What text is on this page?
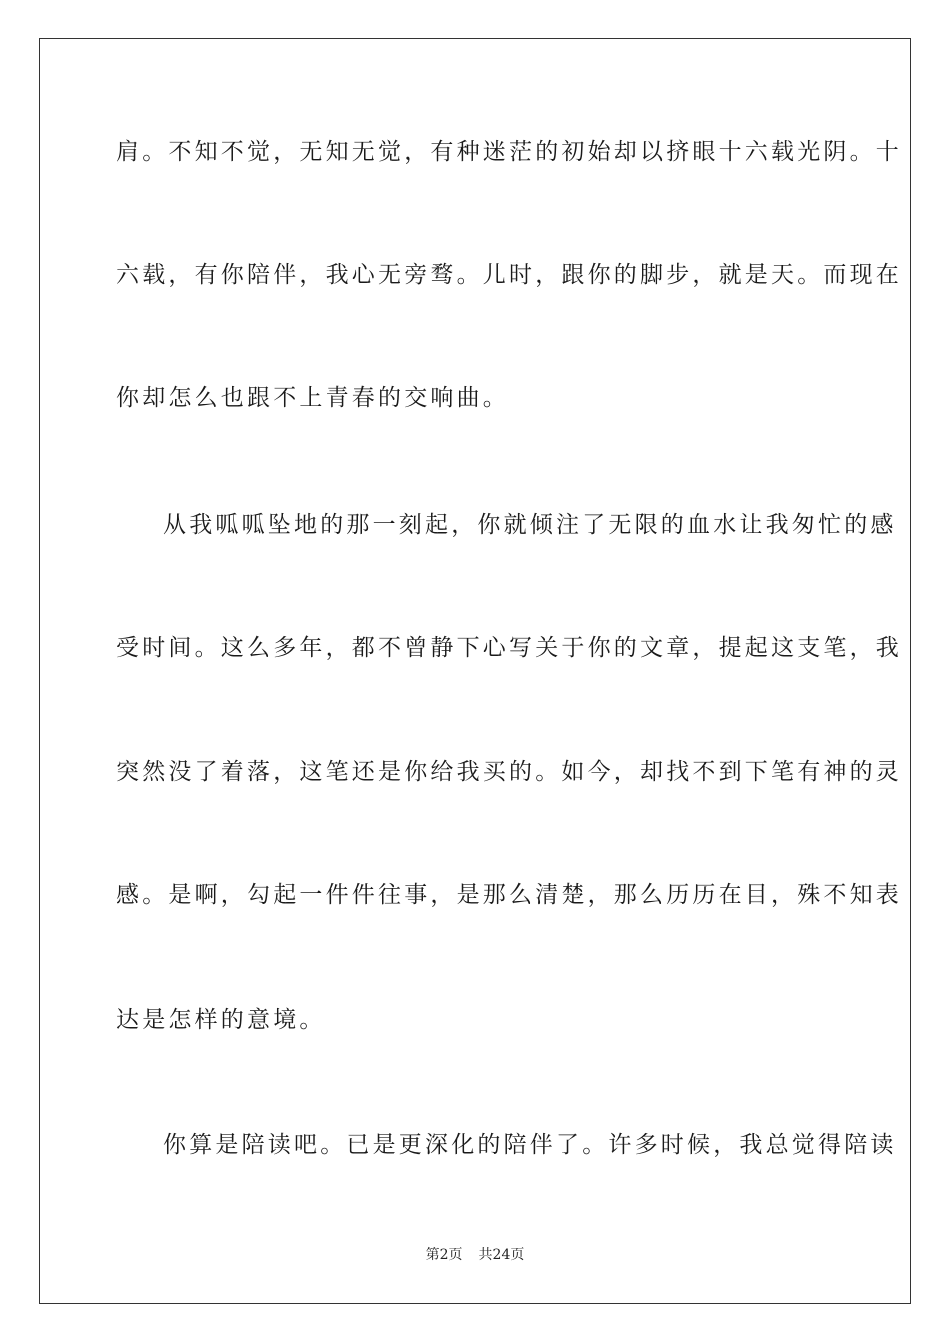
肩。不知不觉，无知无觉，有种迷茫的初始却以挤眼十六载光阴。十
六载，有你陪伴，我心无旁骛。儿时，跟你的脚步，就是天。而现在
你却怎么也跟不上青春的交响曲。
从我呱呱坠地的那一刻起，你就倾注了无限的血水让我匆忙的感
受时间。这么多年，都不曾静下心写关于你的文章，提起这支笔，我
突然没了着落，这笔还是你给我买的。如今，却找不到下笔有神的灵
感。是啊，勾起一件件往事，是那么清楚，那么历历在目，殊不知表
达是怎样的意境。
你算是陪读吧。已是更深化的陪伴了。许多时候，我总觉得陪读
第2页 共24页
